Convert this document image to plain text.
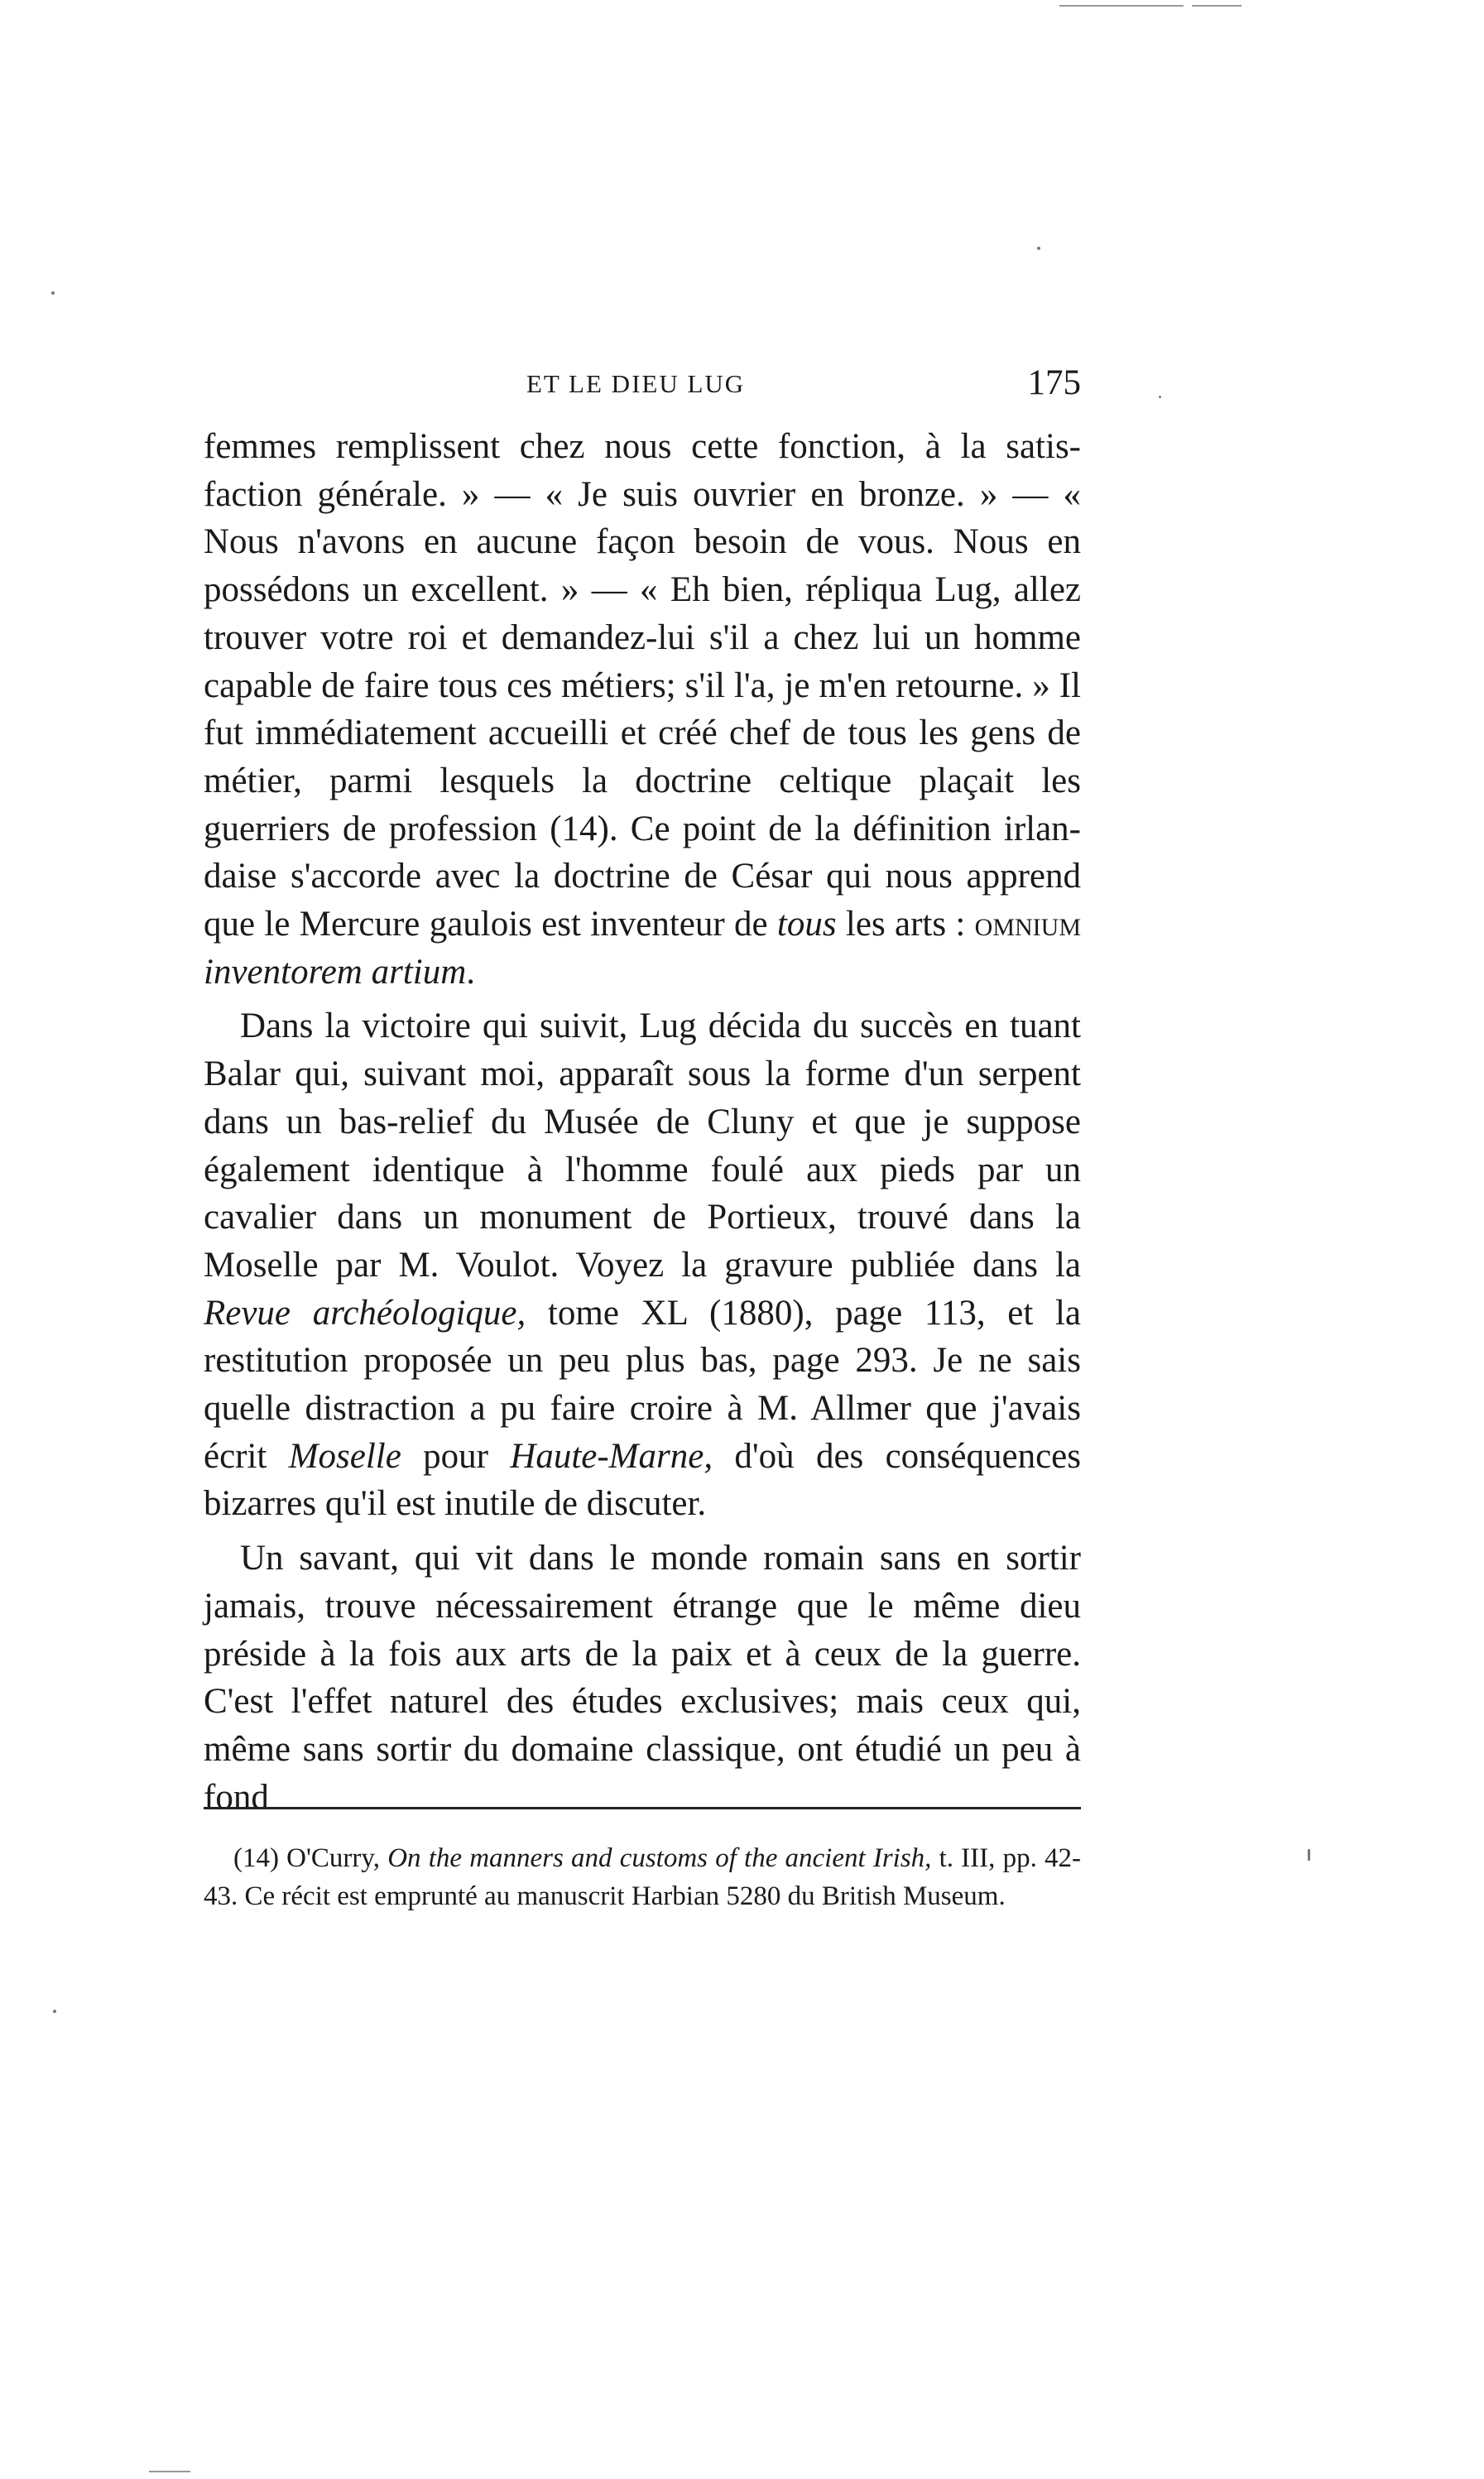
ET LE DIEU LUG	175

femmes remplissent chez nous cette fonction, à la satis-faction générale. » — « Je suis ouvrier en bronze. » — « Nous n'avons en aucune façon besoin de vous. Nous en possédons un excellent. » — « Eh bien, répliqua Lug, allez trouver votre roi et demandez-lui s'il a chez lui un homme capable de faire tous ces métiers; s'il l'a, je m'en retourne. » Il fut immédiatement accueilli et créé chef de tous les gens de métier, parmi lesquels la doctrine celtique plaçait les guerriers de profession (14). Ce point de la définition irlan- daise s'accorde avec la doctrine de César qui nous apprend que le Mercure gaulois est inventeur de tous les arts : omnium inventorem artium.

Dans la victoire qui suivit, Lug décida du succès en tuant Balar qui, suivant moi, apparaît sous la forme d'un serpent dans un bas-relief du Musée de Cluny et que je suppose également identique à l'homme foulé aux pieds par un cavalier dans un monument de Portieux, trouvé dans la Moselle par M. Voulot. Voyez la gravure publiée dans la Revue archéologique, tome XL (1880), page 113, et la restitution proposée un peu plus bas, page 293. Je ne sais quelle distraction a pu faire croire à M. Allmer que j'avais écrit Moselle pour Haute-Marne, d'où des conséquences bizarres qu'il est inutile de discuter.

Un savant, qui vit dans le monde romain sans en sortir jamais, trouve nécessairement étrange que le même dieu préside à la fois aux arts de la paix et à ceux de la guerre. C'est l'effet naturel des études exclusives; mais ceux qui, même sans sortir du domaine classique, ont étudié un peu à fond

(14) O'Curry, On the manners and customs of the ancient Irish, t. III, pp. 42-43. Ce récit est emprunté au manuscrit Harbian 5280 du British Museum.
